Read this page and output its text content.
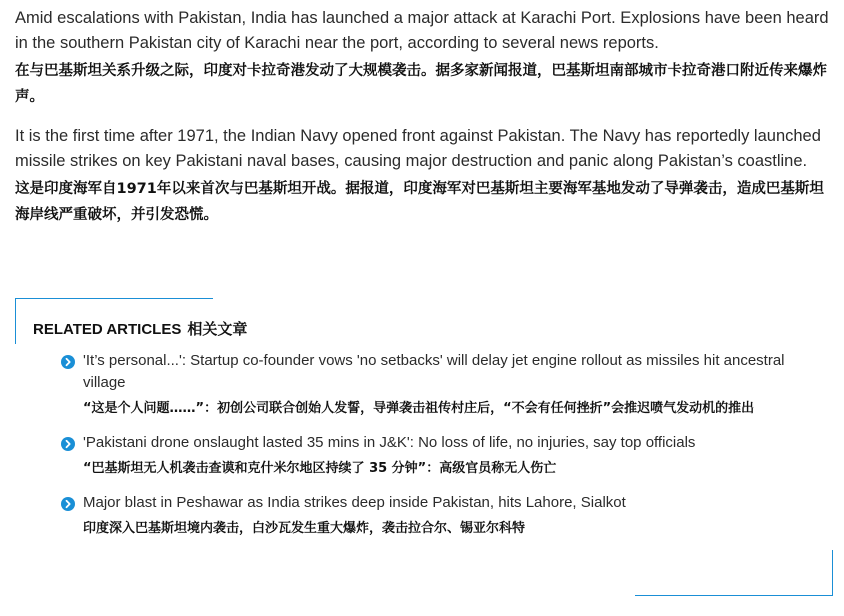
Amid escalations with Pakistan, India has launched a major attack at Karachi Port. Explosions have been heard in the southern Pakistan city of Karachi near the port, according to several news reports.

在与巴基斯坦关系升级之际，印度对卡拉奇港发动了大规模袭击。据多家新闻报道，巴基斯坦南部城市卡拉奇港口附近传来爆炸声。

It is the first time after 1971, the Indian Navy opened front against Pakistan. The Navy has reportedly launched missile strikes on key Pakistani naval bases, causing major destruction and panic along Pakistan’s coastline.

这是印度海军自1971年以来首次与巴基斯坦开战。据报道，印度海军对巴基斯坦主要海军基地发动了导弹袭击，造成巴基斯坦海岸线严重破坏，并引发恐慌。

RELATED ARTICLES 相关文章
'It’s personal...': Startup co-founder vows 'no setbacks' will delay jet engine rollout as missiles hit ancestral village
“这是个人问题……”：初创公司联合创始人发誓，导弹袭击祖传村庄后，“不会有任何挫折”会推迟喷气发动机的推出
'Pakistani drone onslaught lasted 35 mins in J&K': No loss of life, no injuries, say top officials
“巴基斯坦无人机袭击查谟和克什米尔地区持续了 35 分钟”：高级官员称无人伤亡
Major blast in Peshawar as India strikes deep inside Pakistan, hits Lahore, Sialkot
印度深入巴基斯坦境内袭击，白沙瓦发生重大爆炸，袭击拉合尔、锡亚尔科特
